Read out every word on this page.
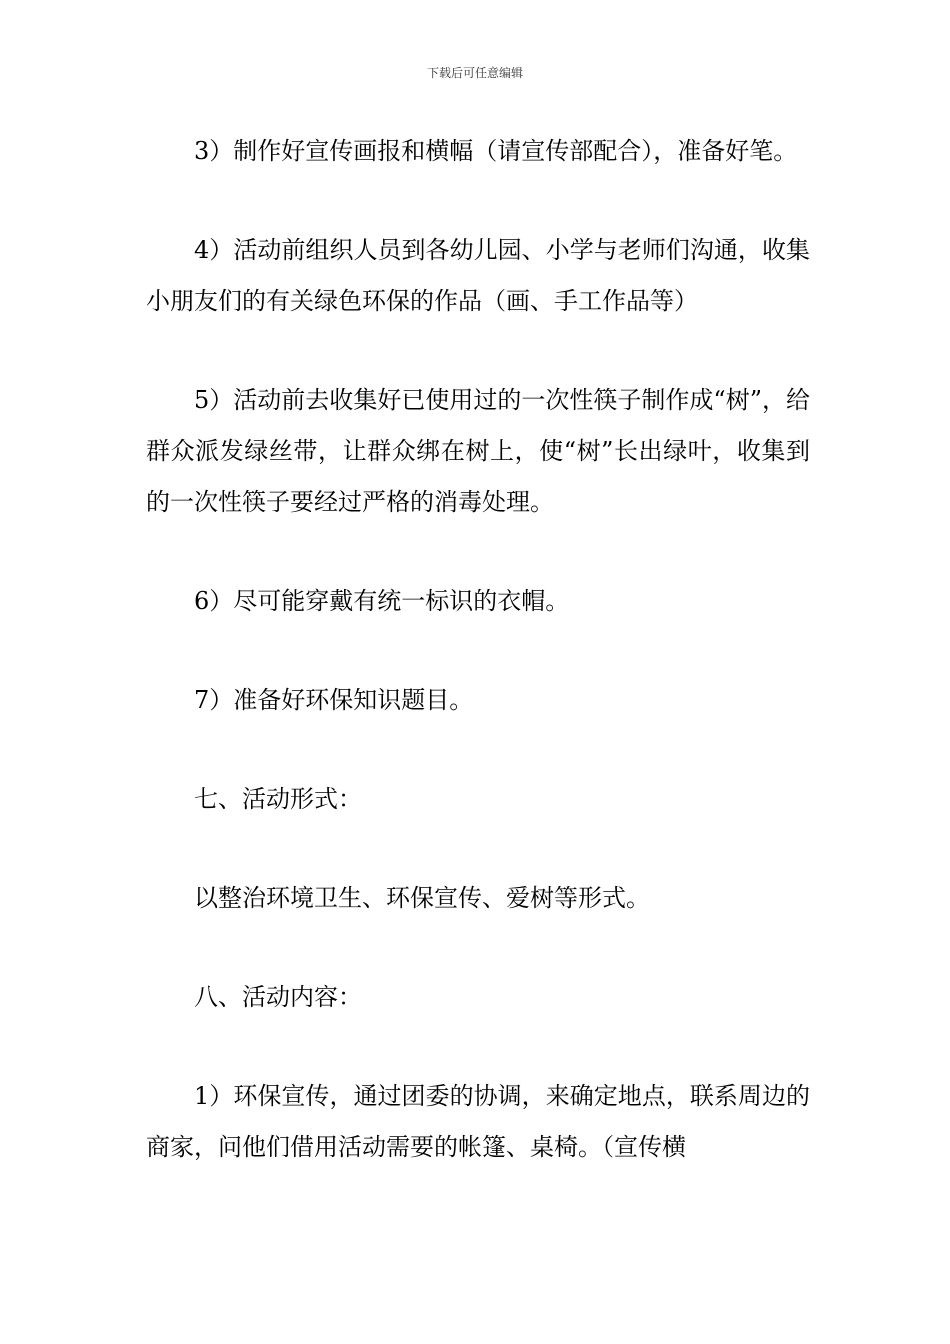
下载后可任意编辑

3）制作好宣传画报和横幅（请宣传部配合），准备好笔。

4）活动前组织人员到各幼儿园、小学与老师们沟通，收集小朋友们的有关绿色环保的作品（画、手工作品等）

5）活动前去收集好已使用过的一次性筷子制作成“树”，给群众派发绿丝带，让群众绑在树上，使“树”长出绿叶，收集到的一次性筷子要经过严格的消毒处理。

6）尽可能穿戴有统一标识的衣帽。

7）准备好环保知识题目。

七、活动形式：

以整治环境卫生、环保宣传、爱树等形式。

八、活动内容：

1）环保宣传，通过团委的协调，来确定地点，联系周边的商家，问他们借用活动需要的帐篷、桌椅。（宣传横
